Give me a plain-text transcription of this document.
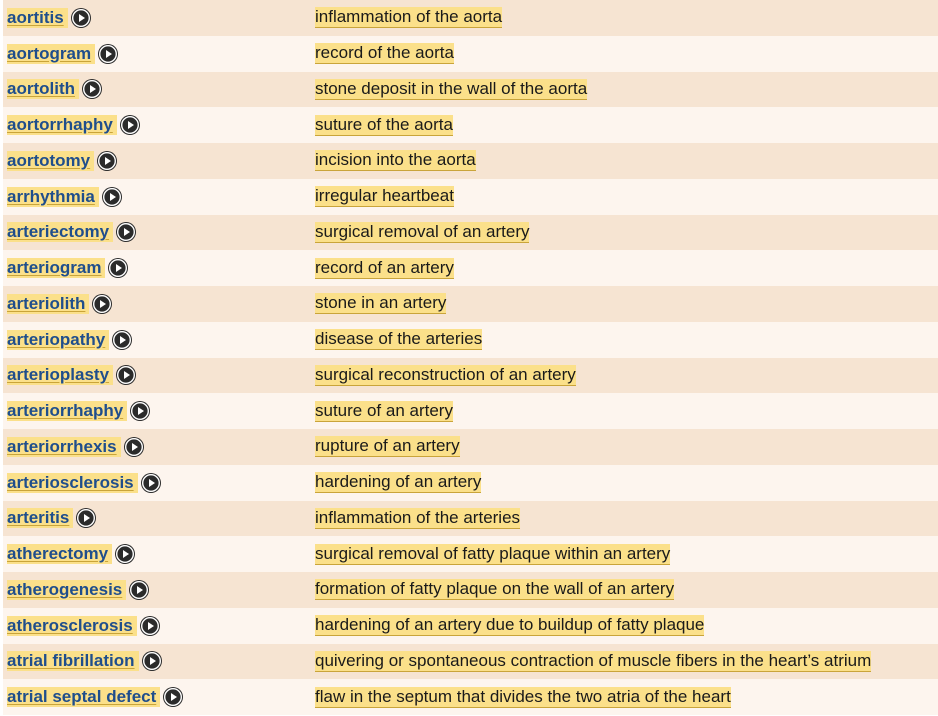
aortitis	inflammation of the aorta
aortogram	record of the aorta
aortolith	stone deposit in the wall of the aorta
aortorrhaphy	suture of the aorta
aortotomy	incision into the aorta
arrhythmia	irregular heartbeat
arteriectomy	surgical removal of an artery
arteriogram	record of an artery
arteriolith	stone in an artery
arteriopathy	disease of the arteries
arterioplasty	surgical reconstruction of an artery
arteriorrhaphy	suture of an artery
arteriorrhexis	rupture of an artery
arteriosclerosis	hardening of an artery
arteritis	inflammation of the arteries
atherectomy	surgical removal of fatty plaque within an artery
atherogenesis	formation of fatty plaque on the wall of an artery
atherosclerosis	hardening of an artery due to buildup of fatty plaque
atrial fibrillation	quivering or spontaneous contraction of muscle fibers in the heart’s atrium
atrial septal defect	flaw in the septum that divides the two atria of the heart
